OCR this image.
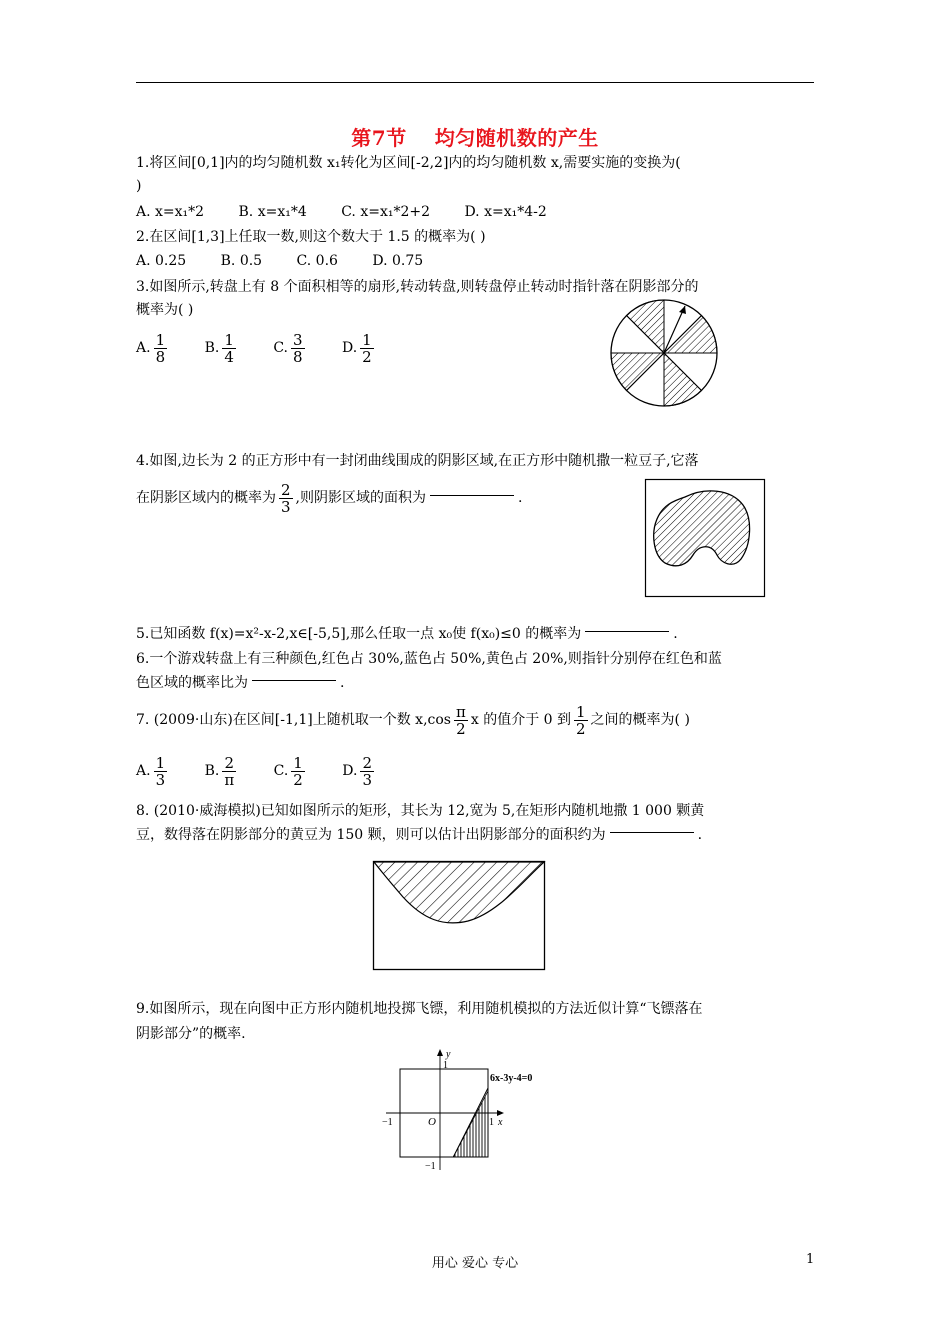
第7节 均匀随机数的产生
1.将区间[0,1]内的均匀随机数 x₁转化为区间[-2,2]内的均匀随机数 x,需要实施的变换为(
)
A. x=x₁*2 B. x=x₁*4 C. x=x₁*2+2 D. x=x₁*4-2
2.在区间[1,3]上任取一数,则这个数大于 1.5 的概率为( )
A. 0.25 B. 0.5 C. 0.6 D. 0.75
3.如图所示,转盘上有 8 个面积相等的扇形,转动转盘,则转盘停止转动时指针落在阴影部分的
概率为( )
A. $\frac{1}{8}$	B. $\frac{1}{4}$	C. $\frac{3}{8}$	D. $\frac{1}{2}$
4.如图,边长为 2 的正方形中有一封闭曲线围成的阴影区域,在正方形中随机撒一粒豆子,它落
在阴影区域内的概率为 $\frac{2}{3}$ ,则阴影区域的面积为	.
5.已知函数 f(x)=x²-x-2,x∈[-5,5],那么任取一点 x₀使 f(x₀)≤0 的概率为	.
6.一个游戏转盘上有三种颜色,红色占 30%,蓝色占 50%,黄色占 20%,则指针分别停在红色和蓝
色区域的概率比为	.
7. (2009·山东)在区间[-1,1]上随机取一个数 $x,\cos \frac{\pi}{2}$ x 的值介于 0 到 $\frac{1}{2}$ 之间的概率为( )
A. $\frac{1}{3}$	B. $\frac{2}{\pi}$	C. $\frac{1}{2}$	D. $\frac{2}{3}$
8. (2010·威海模拟)已知如图所示的矩形，其长为 12,宽为 5,在矩形内随机地撒 1 000 颗黄
豆，数得落在阴影部分的黄豆为 150 颗，则可以估计出阴影部分的面积约为	.
9.如图所示，现在向图中正方形内随机地投掷飞镖，利用随机模拟的方法近似计算“飞镖落在
阴影部分”的概率.
y
1
6x-3y-4=0
−1	O	1 x
−1
用心 爱心 专心	1
